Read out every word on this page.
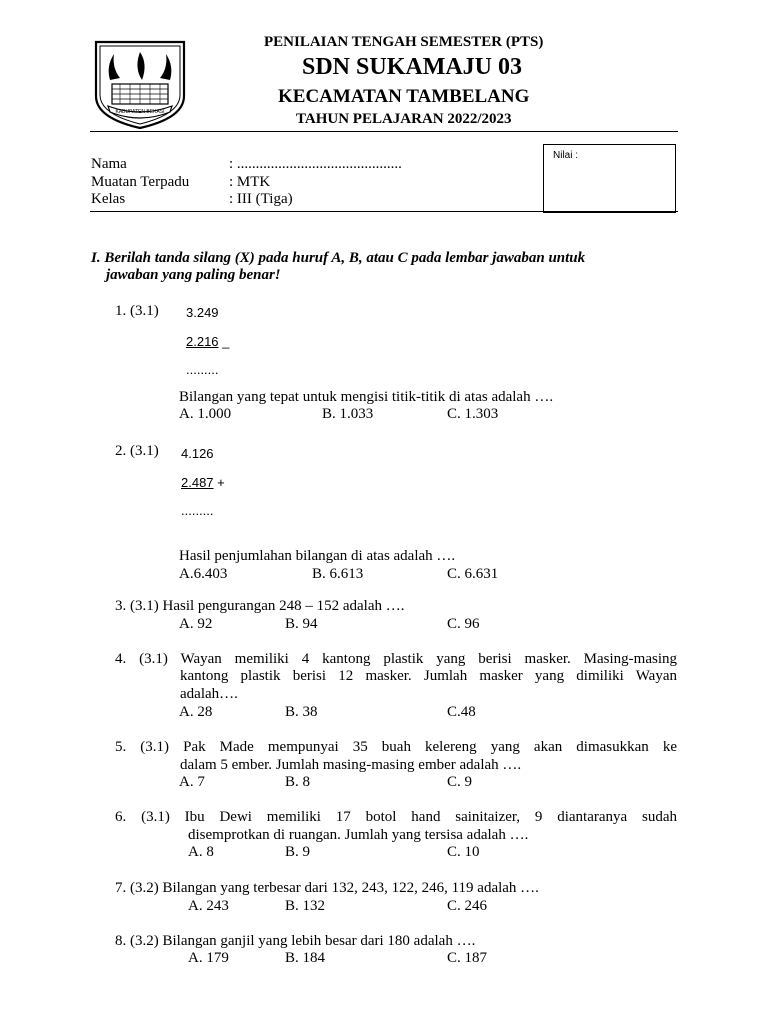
KABUPATEN BEKASI
PENILAIAN TENGAH SEMESTER (PTS)
SDN SUKAMAJU 03
KECAMATAN TAMBELANG
TAHUN PELAJARAN 2022/2023
Nama	: ............................................
Muatan Terpadu	: MTK
Kelas	: III (Tiga)
Nilai :
I. Berilah tanda silang (X) pada huruf A, B, atau C pada lembar jawaban untuk
jawaban yang paling benar!
1. (3.1) 3.249
2.216 _
.........
Bilangan yang tepat untuk mengisi titik-titik di atas adalah ….
A. 1.000	B. 1.033	C. 1.303
2. (3.1) 4.126
2.487 +
.........
Hasil penjumlahan bilangan di atas adalah ….
A.6.403	B. 6.613	C. 6.631
3. (3.1) Hasil pengurangan 248 – 152 adalah ….
A. 92	B. 94	C. 96
4. (3.1) Wayan memiliki 4 kantong plastik yang berisi masker. Masing-masing
kantong plastik berisi 12 masker. Jumlah masker yang dimiliki Wayan
adalah….
A. 28	B. 38	C.48
5. (3.1) Pak Made mempunyai 35 buah kelereng yang akan dimasukkan ke
dalam 5 ember. Jumlah masing-masing ember adalah ….
A. 7	B. 8	C. 9
6. (3.1) Ibu Dewi memiliki 17 botol hand sainitaizer, 9 diantaranya sudah
disemprotkan di ruangan. Jumlah yang tersisa adalah ….
A. 8	B. 9	C. 10
7. (3.2) Bilangan yang terbesar dari 132, 243, 122, 246, 119 adalah ….
A. 243	B. 132	C. 246
8. (3.2) Bilangan ganjil yang lebih besar dari 180 adalah ….
A. 179	B. 184	C. 187
